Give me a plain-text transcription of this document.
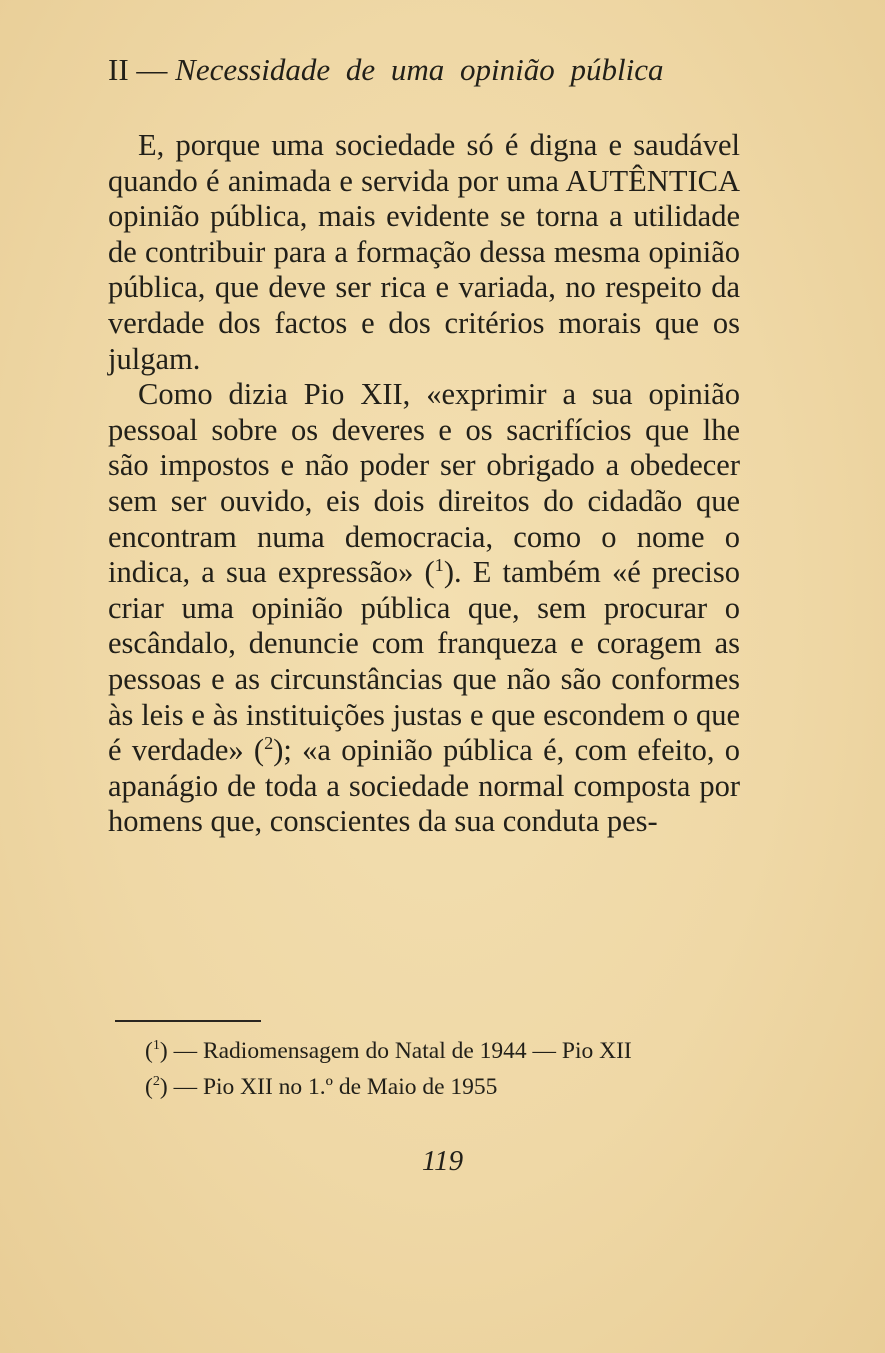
II — Necessidade de uma opinião pública

E, porque uma sociedade só é digna e saudável quando é animada e servida por uma AUTÊNTICA opinião pública, mais evidente se torna a utilidade de contribuir para a formação dessa mesma opinião pública, que deve ser rica e variada, no respeito da verdade dos factos e dos critérios morais que os julgam.

Como dizia Pio XII, «exprimir a sua opinião pessoal sobre os deveres e os sacrifícios que lhe são impostos e não poder ser obrigado a obedecer sem ser ouvido, eis dois direitos do cidadão que encontram numa democracia, como o nome o indica, a sua expressão» ($^1$). E também «é preciso criar uma opinião pública que, sem procurar o escândalo, denuncie com franqueza e coragem as pessoas e as circunstâncias que não são conformes às leis e às instituições justas e que escondem o que é verdade» ($^2$); «a opinião pública é, com efeito, o apanágio de toda a sociedade normal composta por homens que, conscientes da sua conduta pes-

($^1$) — Radiomensagem do Natal de 1944 — Pio XII
($^2$) — Pio XII no 1.º de Maio de 1955
119
